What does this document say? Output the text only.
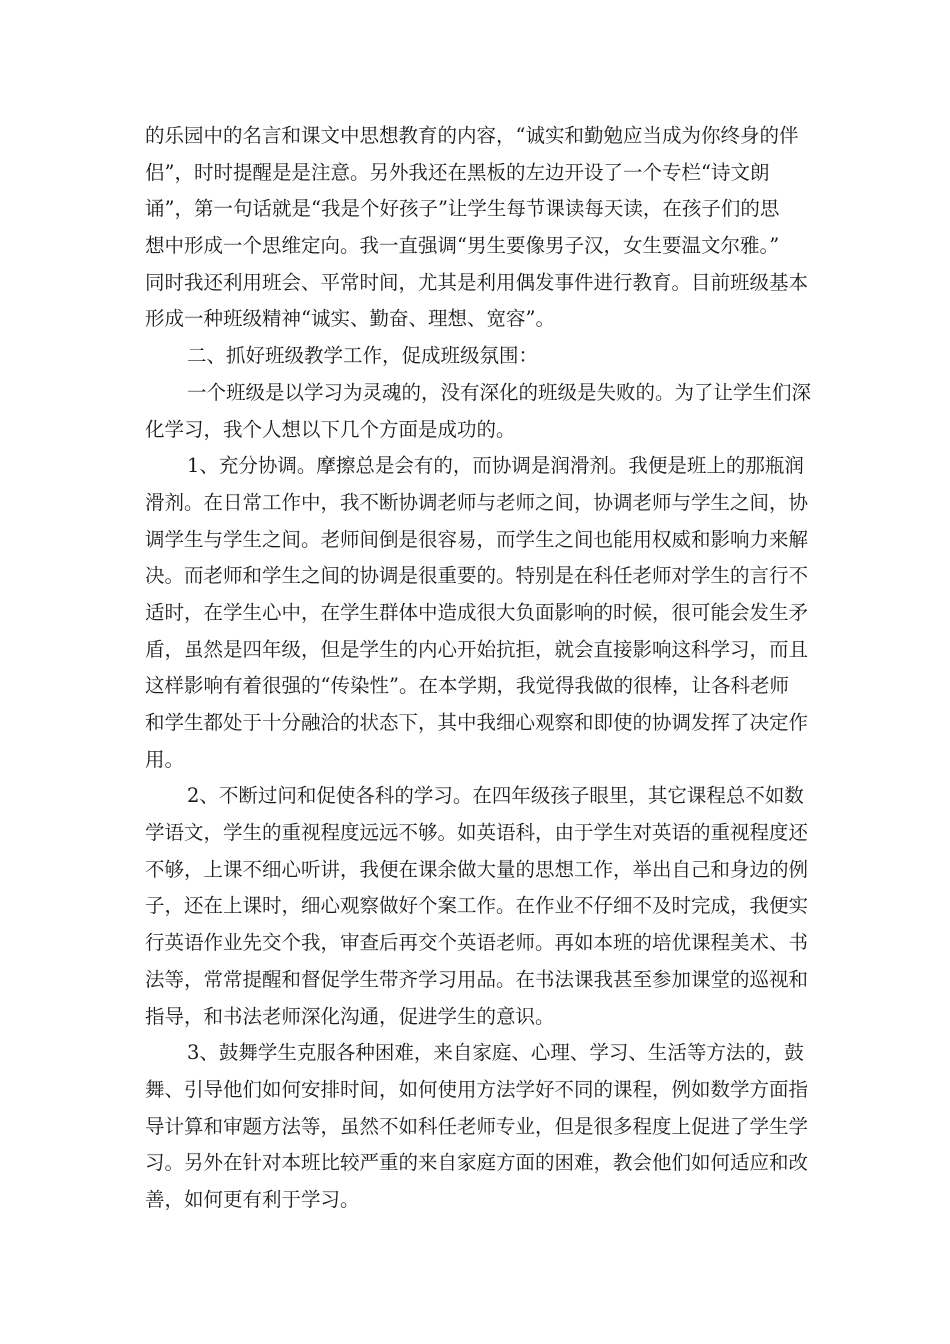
的乐园中的名言和课文中思想教育的内容，“诚实和勤勉应当成为你终身的伴
侣”，时时提醒是是注意。另外我还在黑板的左边开设了一个专栏“诗文朗
诵”，第一句话就是“我是个好孩子”让学生每节课读每天读，在孩子们的思
想中形成一个思维定向。我一直强调“男生要像男子汉，女生要温文尔雅。”
同时我还利用班会、平常时间，尤其是利用偶发事件进行教育。目前班级基本
形成一种班级精神“诚实、勤奋、理想、宽容”。
二、抓好班级教学工作，促成班级氛围：
一个班级是以学习为灵魂的，没有深化的班级是失败的。为了让学生们深
化学习，我个人想以下几个方面是成功的。
1、充分协调。摩擦总是会有的，而协调是润滑剂。我便是班上的那瓶润
滑剂。在日常工作中，我不断协调老师与老师之间，协调老师与学生之间，协
调学生与学生之间。老师间倒是很容易，而学生之间也能用权威和影响力来解
决。而老师和学生之间的协调是很重要的。特别是在科任老师对学生的言行不
适时，在学生心中，在学生群体中造成很大负面影响的时候，很可能会发生矛
盾，虽然是四年级，但是学生的内心开始抗拒，就会直接影响这科学习，而且
这样影响有着很强的“传染性”。在本学期，我觉得我做的很棒，让各科老师
和学生都处于十分融洽的状态下，其中我细心观察和即使的协调发挥了决定作
用。
2、不断过问和促使各科的学习。在四年级孩子眼里，其它课程总不如数
学语文，学生的重视程度远远不够。如英语科，由于学生对英语的重视程度还
不够，上课不细心听讲，我便在课余做大量的思想工作，举出自己和身边的例
子，还在上课时，细心观察做好个案工作。在作业不仔细不及时完成，我便实
行英语作业先交个我，审查后再交个英语老师。再如本班的培优课程美术、书
法等，常常提醒和督促学生带齐学习用品。在书法课我甚至参加课堂的巡视和
指导，和书法老师深化沟通，促进学生的意识。
3、鼓舞学生克服各种困难，来自家庭、心理、学习、生活等方法的，鼓
舞、引导他们如何安排时间，如何使用方法学好不同的课程，例如数学方面指
导计算和审题方法等，虽然不如科任老师专业，但是很多程度上促进了学生学
习。另外在针对本班比较严重的来自家庭方面的困难，教会他们如何适应和改
善，如何更有利于学习。
